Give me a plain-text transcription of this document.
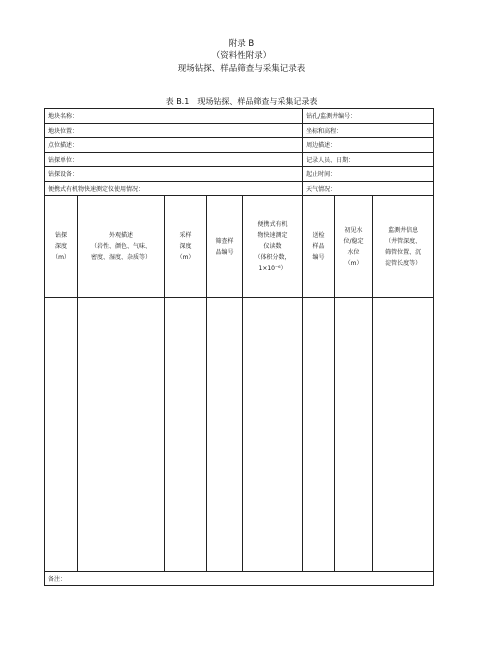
附录 B
（资料性附录）
现场钻探、样品筛查与采集记录表
表 B.1　现场钻探、样品筛查与采集记录表
地块名称：					钻孔/监测井编号：		
地块位置：					坐标和高程：		
点位描述：					周边描述：		
钻探单位：					记录人员、日期：		
钻探设备：					起止时间：		
便携式有机物快速测定仪使用情况：					天气情况：		
钻探
深度
（m）	外观描述
（岩性、颜色、气味、
密度、湿度、杂质等）	采样
深度
（m）	筛查样
品编号	便携式有机
物快速测定
仪读数
（体积分数，
1×10⁻⁶）	送检
样品
编号	初见水
位/稳定
水位
（m）	监测井信息
（井管深度、
筛管位置、沉
淀管长度等）

备注：							
